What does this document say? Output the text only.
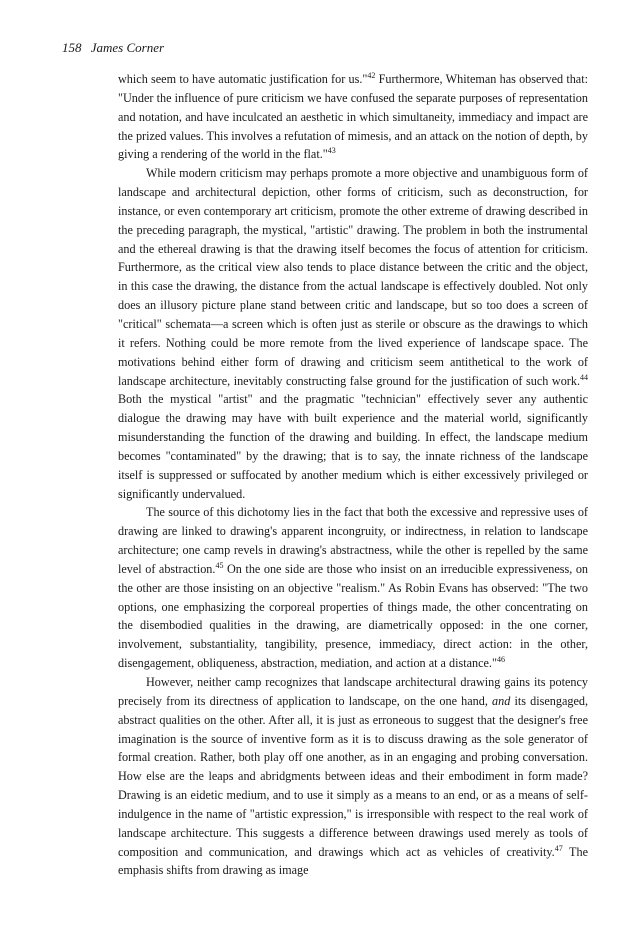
158 James Corner

which seem to have automatic justification for us."$^{42}$ Furthermore, Whiteman has observed that: "Under the influence of pure criticism we have confused the separate purposes of representation and notation, and have inculcated an aesthetic in which simultaneity, immediacy and impact are the prized values. This involves a refutation of mimesis, and an attack on the notion of depth, by giving a rendering of the world in the flat."$^{43}$

While modern criticism may perhaps promote a more objective and unambiguous form of landscape and architectural depiction, other forms of criticism, such as deconstruction, for instance, or even contemporary art criticism, promote the other extreme of drawing described in the preceding paragraph, the mystical, "artistic" drawing. The problem in both the instrumental and the ethereal drawing is that the drawing itself becomes the focus of attention for criticism. Furthermore, as the critical view also tends to place distance between the critic and the object, in this case the drawing, the distance from the actual landscape is effectively doubled. Not only does an illusory picture plane stand between critic and landscape, but so too does a screen of "critical" schemata—a screen which is often just as sterile or obscure as the drawings to which it refers. Nothing could be more remote from the lived experience of landscape space. The motivations behind either form of drawing and criticism seem antithetical to the work of landscape architecture, inevitably constructing false ground for the justification of such work.$^{44}$ Both the mystical "artist" and the pragmatic "technician" effectively sever any authentic dialogue the drawing may have with built experience and the material world, significantly misunderstanding the function of the drawing and building. In effect, the landscape medium becomes "contaminated" by the drawing; that is to say, the innate richness of the landscape itself is suppressed or suffocated by another medium which is either excessively privileged or significantly undervalued.

The source of this dichotomy lies in the fact that both the excessive and repressive uses of drawing are linked to drawing's apparent incongruity, or indirectness, in relation to landscape architecture; one camp revels in drawing's abstractness, while the other is repelled by the same level of abstraction.$^{45}$ On the one side are those who insist on an irreducible expressiveness, on the other are those insisting on an objective "realism." As Robin Evans has observed: "The two options, one emphasizing the corporeal properties of things made, the other concentrating on the disembodied qualities in the drawing, are diametrically opposed: in the one corner, involvement, substantiality, tangibility, presence, immediacy, direct action: in the other, disengagement, obliqueness, abstraction, mediation, and action at a distance."$^{46}$

However, neither camp recognizes that landscape architectural drawing gains its potency precisely from its directness of application to landscape, on the one hand, and its disengaged, abstract qualities on the other. After all, it is just as erroneous to suggest that the designer's free imagination is the source of inventive form as it is to discuss drawing as the sole generator of formal creation. Rather, both play off one another, as in an engaging and probing conversation. How else are the leaps and abridgments between ideas and their embodiment in form made? Drawing is an eidetic medium, and to use it simply as a means to an end, or as a means of self-indulgence in the name of "artistic expression," is irresponsible with respect to the real work of landscape architecture. This suggests a difference between drawings used merely as tools of composition and communication, and drawings which act as vehicles of creativity.$^{47}$ The emphasis shifts from drawing as image
